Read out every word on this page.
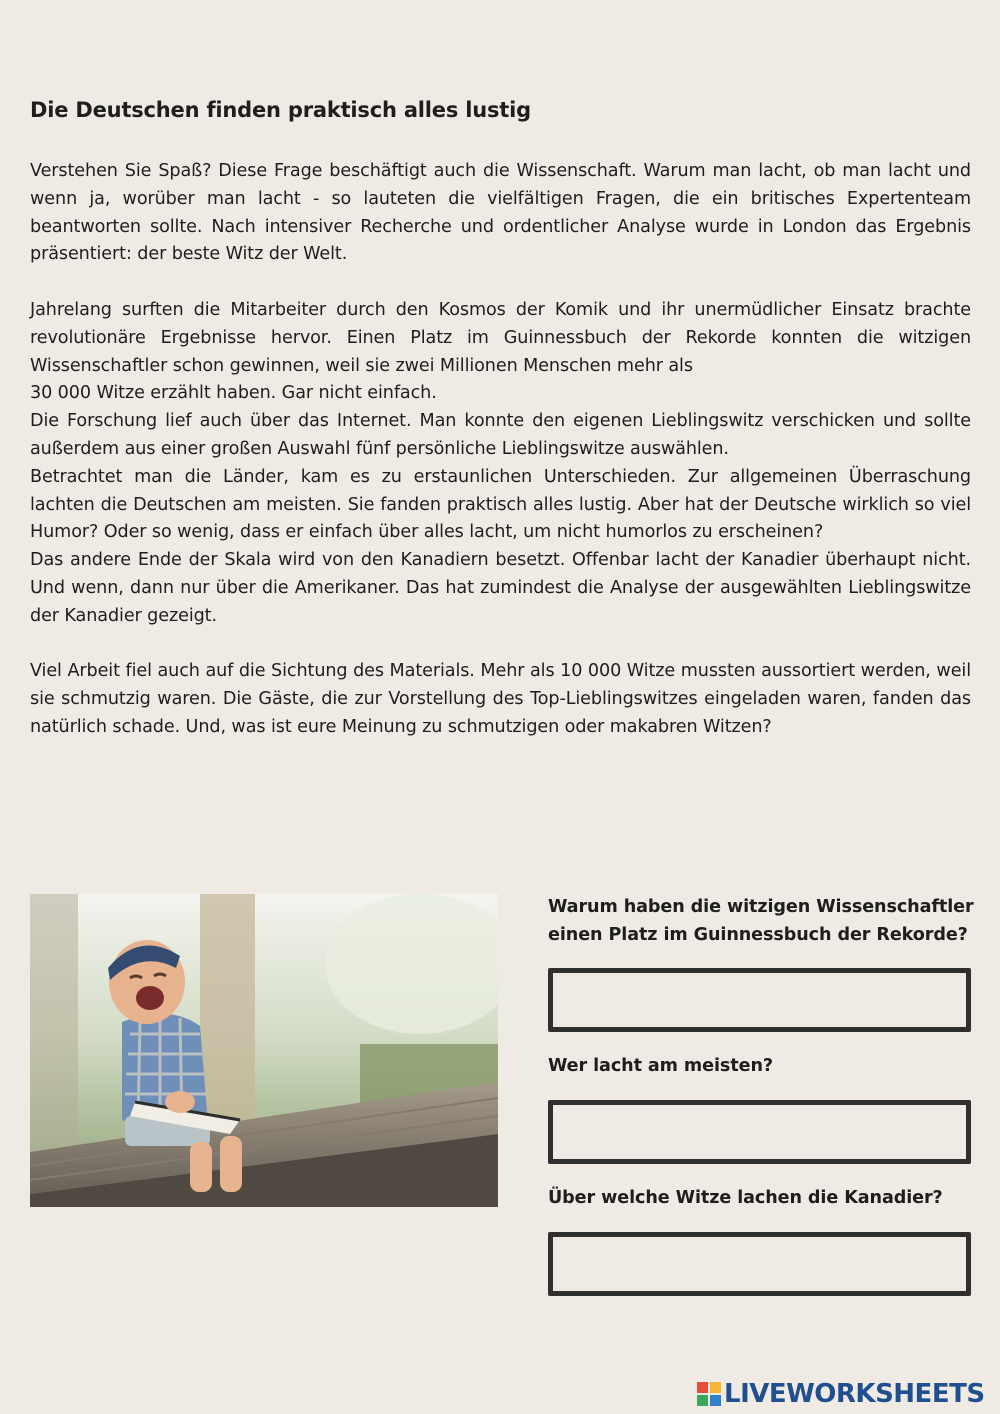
Die Deutschen finden praktisch alles lustig

Verstehen Sie Spaß? Diese Frage beschäftigt auch die Wissenschaft. Warum man lacht, ob man lacht und wenn ja, worüber man lacht - so lauteten die vielfältigen Fragen, die ein britisches Expertenteam beantworten sollte. Nach intensiver Recherche und ordentlicher Analyse wurde in London das Ergebnis präsentiert: der beste Witz der Welt.

Jahrelang surften die Mitarbeiter durch den Kosmos der Komik und ihr unermüdlicher Einsatz brachte revolutionäre Ergebnisse hervor. Einen Platz im Guinnessbuch der Rekorde konnten die witzigen Wissenschaftler schon gewinnen, weil sie zwei Millionen Menschen mehr als

30 000 Witze erzählt haben. Gar nicht einfach.

Die Forschung lief auch über das Internet. Man konnte den eigenen Lieblingswitz verschicken und sollte außerdem aus einer großen Auswahl fünf persönliche Lieblingswitze auswählen.

Betrachtet man die Länder, kam es zu erstaunlichen Unterschieden. Zur allgemeinen Überraschung lachten die Deutschen am meisten. Sie fanden praktisch alles lustig. Aber hat der Deutsche wirklich so viel Humor? Oder so wenig, dass er einfach über alles lacht, um nicht humorlos zu erscheinen?

Das andere Ende der Skala wird von den Kanadiern besetzt. Offenbar lacht der Kanadier überhaupt nicht. Und wenn, dann nur über die Amerikaner. Das hat zumindest die Analyse der ausgewählten Lieblingswitze der Kanadier gezeigt.

Viel Arbeit fiel auch auf die Sichtung des Materials. Mehr als 10 000 Witze mussten aussortiert werden, weil sie schmutzig waren. Die Gäste, die zur Vorstellung des Top-Lieblingswitzes eingeladen waren, fanden das natürlich schade. Und, was ist eure Meinung zu schmutzigen oder makabren Witzen?

Warum haben die witzigen Wissenschaftler
einen Platz im Guinnessbuch der Rekorde?

Wer lacht am meisten?

Über welche Witze lachen die Kanadier?

LIVEWORKSHEETS
